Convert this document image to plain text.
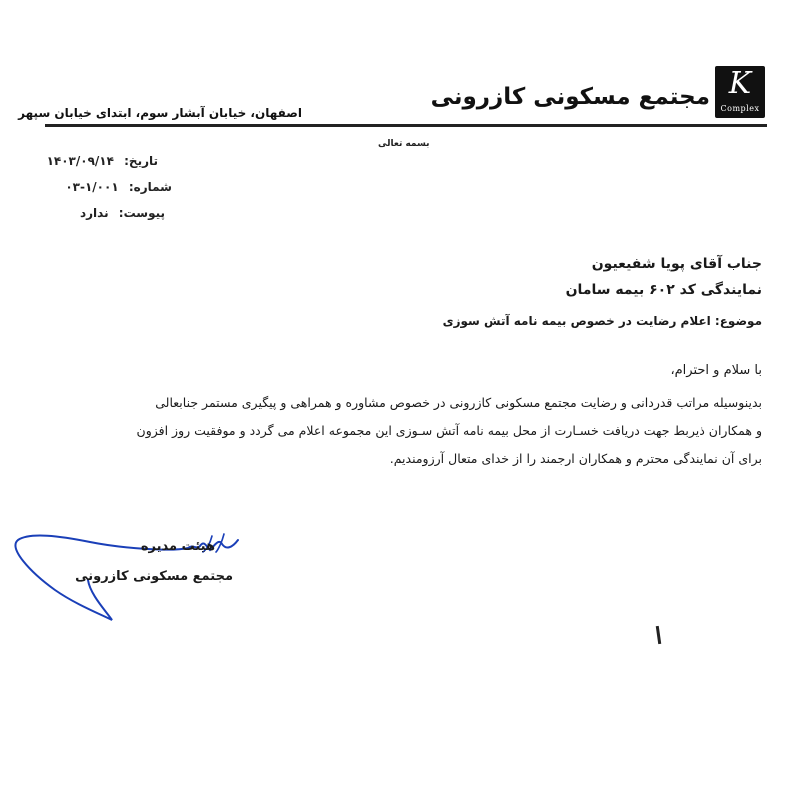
K
Complex
مجتمع مسکونی کازرونی
اصفهان، خیابان آبشار سوم، ابتدای خیابان سپهر
بسمه تعالی
تاریخ: ۱۴۰۳/۰۹/۱۴
شماره: ۰۳-۱/۰۰۱
پیوست: ندارد
جناب آقای پویا شفیعیون
نمایندگی کد ۶۰۲ بیمه سامان
موضوع: اعلام رضایت در خصوص بیمه نامه آتش سوزی
با سلام و احترام،
بدینوسیله مراتب قدردانی و رضایت مجتمع مسکونی کازرونی در خصوص مشاوره و همراهی و پیگیری مستمر جنابعالی
و همکاران ذیربط جهت دریافت خسـارت از محل بیمه نامه آتش سـوزی این مجموعه اعلام می گردد و موفقیت روز افزون
برای آن نمایندگی محترم و همکاران ارجمند را از خدای متعال آرزومندیم.
هیئت مدیره
مجتمع مسکونی کازرونی
